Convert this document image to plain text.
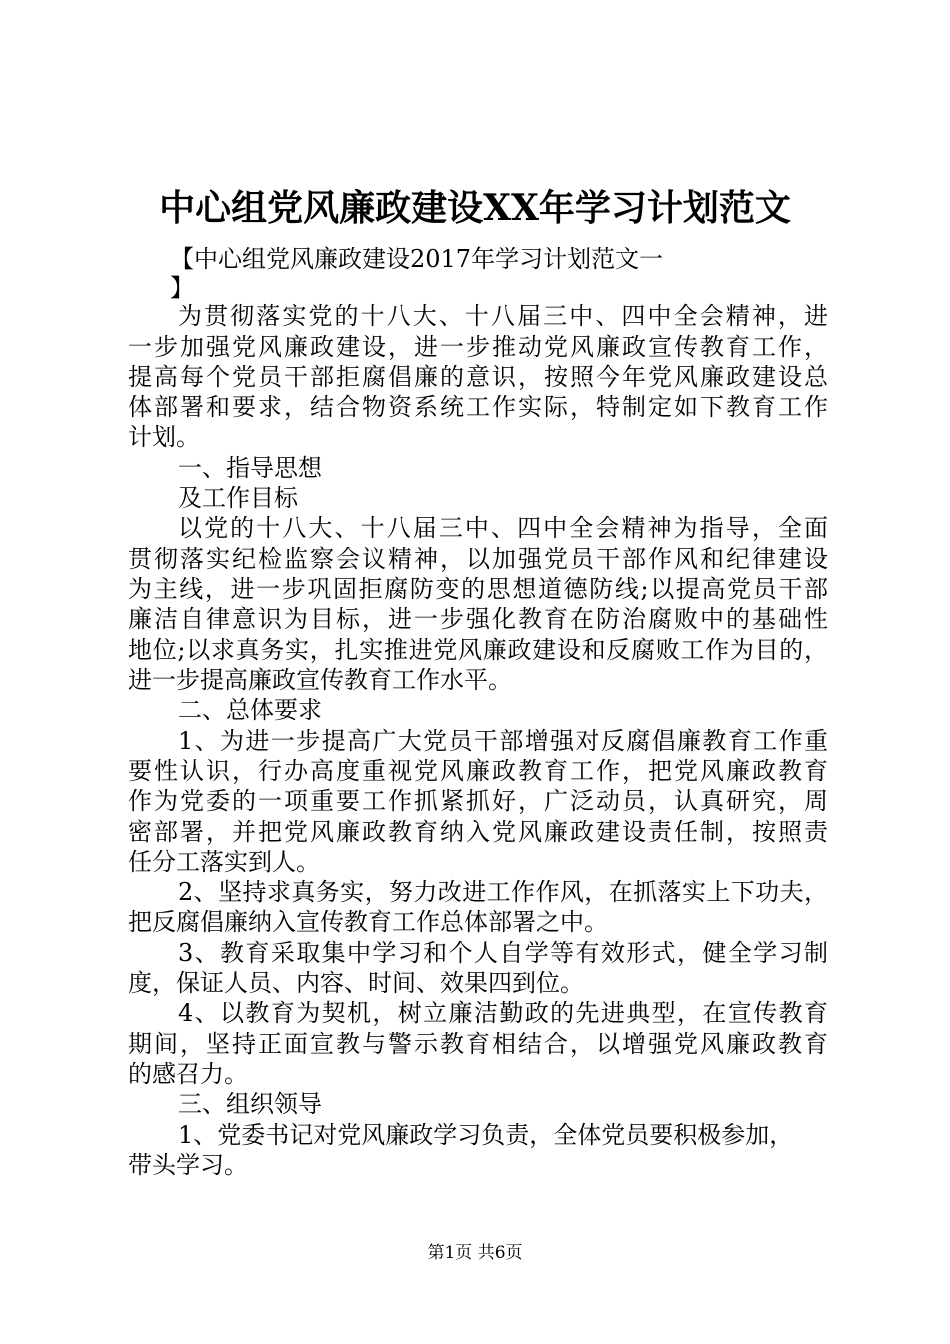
中心组党风廉政建设XX年学习计划范文
【中心组党风廉政建设2017年学习计划范文一
】
为贯彻落实党的十八大、十八届三中、四中全会精神，进
一步加强党风廉政建设，进一步推动党风廉政宣传教育工作，
提高每个党员干部拒腐倡廉的意识，按照今年党风廉政建设总
体部署和要求，结合物资系统工作实际，特制定如下教育工作
计划。
一、指导思想
及工作目标
以党的十八大、十八届三中、四中全会精神为指导，全面
贯彻落实纪检监察会议精神，以加强党员干部作风和纪律建设
为主线，进一步巩固拒腐防变的思想道德防线;以提高党员干部
廉洁自律意识为目标，进一步强化教育在防治腐败中的基础性
地位;以求真务实，扎实推进党风廉政建设和反腐败工作为目的，
进一步提高廉政宣传教育工作水平。
二、总体要求
1、为进一步提高广大党员干部增强对反腐倡廉教育工作重
要性认识，行办高度重视党风廉政教育工作，把党风廉政教育
作为党委的一项重要工作抓紧抓好，广泛动员，认真研究，周
密部署，并把党风廉政教育纳入党风廉政建设责任制，按照责
任分工落实到人。
2、坚持求真务实，努力改进工作作风，在抓落实上下功夫，
把反腐倡廉纳入宣传教育工作总体部署之中。
3、教育采取集中学习和个人自学等有效形式，健全学习制
度，保证人员、内容、时间、效果四到位。
4、以教育为契机，树立廉洁勤政的先进典型，在宣传教育
期间，坚持正面宣教与警示教育相结合，以增强党风廉政教育
的感召力。
三、组织领导
1、党委书记对党风廉政学习负责，全体党员要积极参加，
带头学习。
第1页 共6页
